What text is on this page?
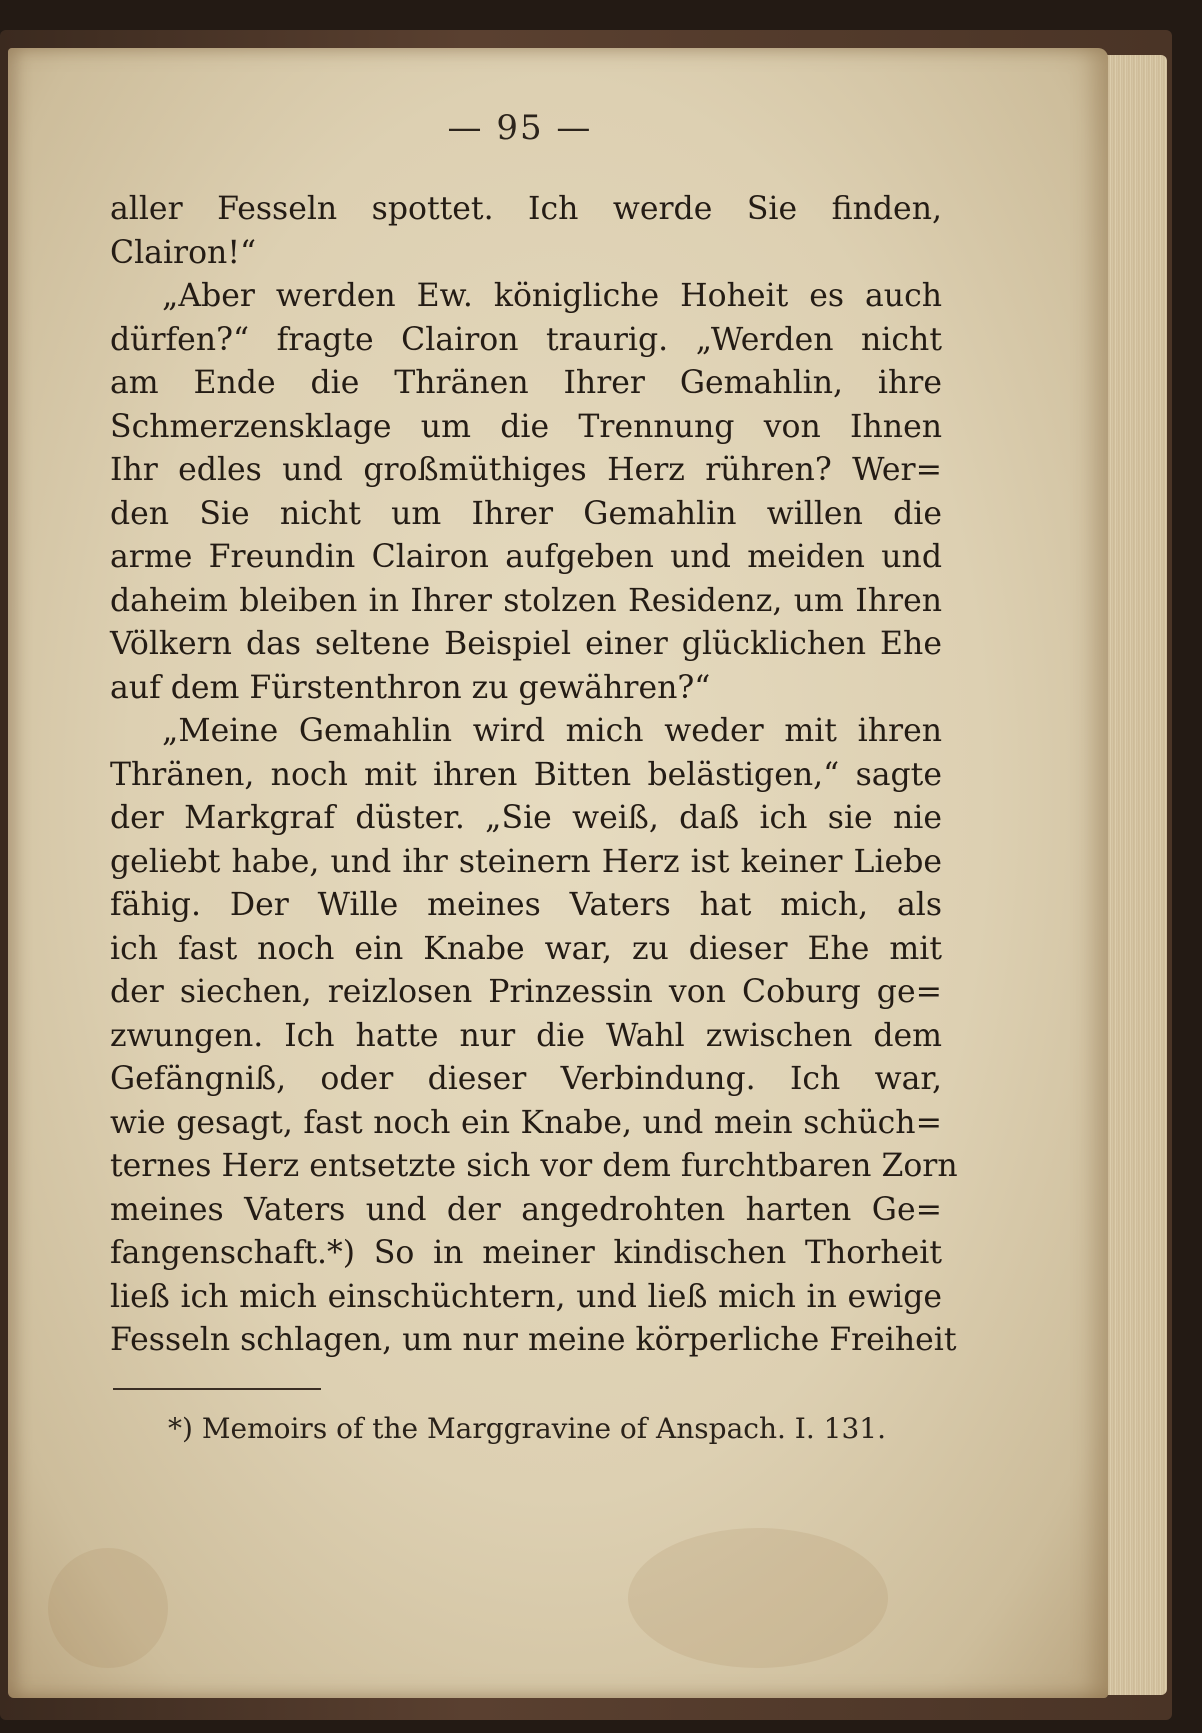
— 95 —
aller Fesseln spottet. Ich werde Sie finden,
Clairon!“
„Aber werden Ew. königliche Hoheit es auch
dürfen?“ fragte Clairon traurig. „Werden nicht
am Ende die Thränen Ihrer Gemahlin, ihre
Schmerzensklage um die Trennung von Ihnen
Ihr edles und großmüthiges Herz rühren? Wer=
den Sie nicht um Ihrer Gemahlin willen die
arme Freundin Clairon aufgeben und meiden und
daheim bleiben in Ihrer stolzen Residenz, um Ihren
Völkern das seltene Beispiel einer glücklichen Ehe
auf dem Fürstenthron zu gewähren?“
„Meine Gemahlin wird mich weder mit ihren
Thränen, noch mit ihren Bitten belästigen,“ sagte
der Markgraf düster. „Sie weiß, daß ich sie nie
geliebt habe, und ihr steinern Herz ist keiner Liebe
fähig. Der Wille meines Vaters hat mich, als
ich fast noch ein Knabe war, zu dieser Ehe mit
der siechen, reizlosen Prinzessin von Coburg ge=
zwungen. Ich hatte nur die Wahl zwischen dem
Gefängniß, oder dieser Verbindung. Ich war,
wie gesagt, fast noch ein Knabe, und mein schüch=
ternes Herz entsetzte sich vor dem furchtbaren Zorn
meines Vaters und der angedrohten harten Ge=
fangenschaft.*) So in meiner kindischen Thorheit
ließ ich mich einschüchtern, und ließ mich in ewige
Fesseln schlagen, um nur meine körperliche Freiheit
*) Memoirs of the Marggravine of Anspach. I. 131.
